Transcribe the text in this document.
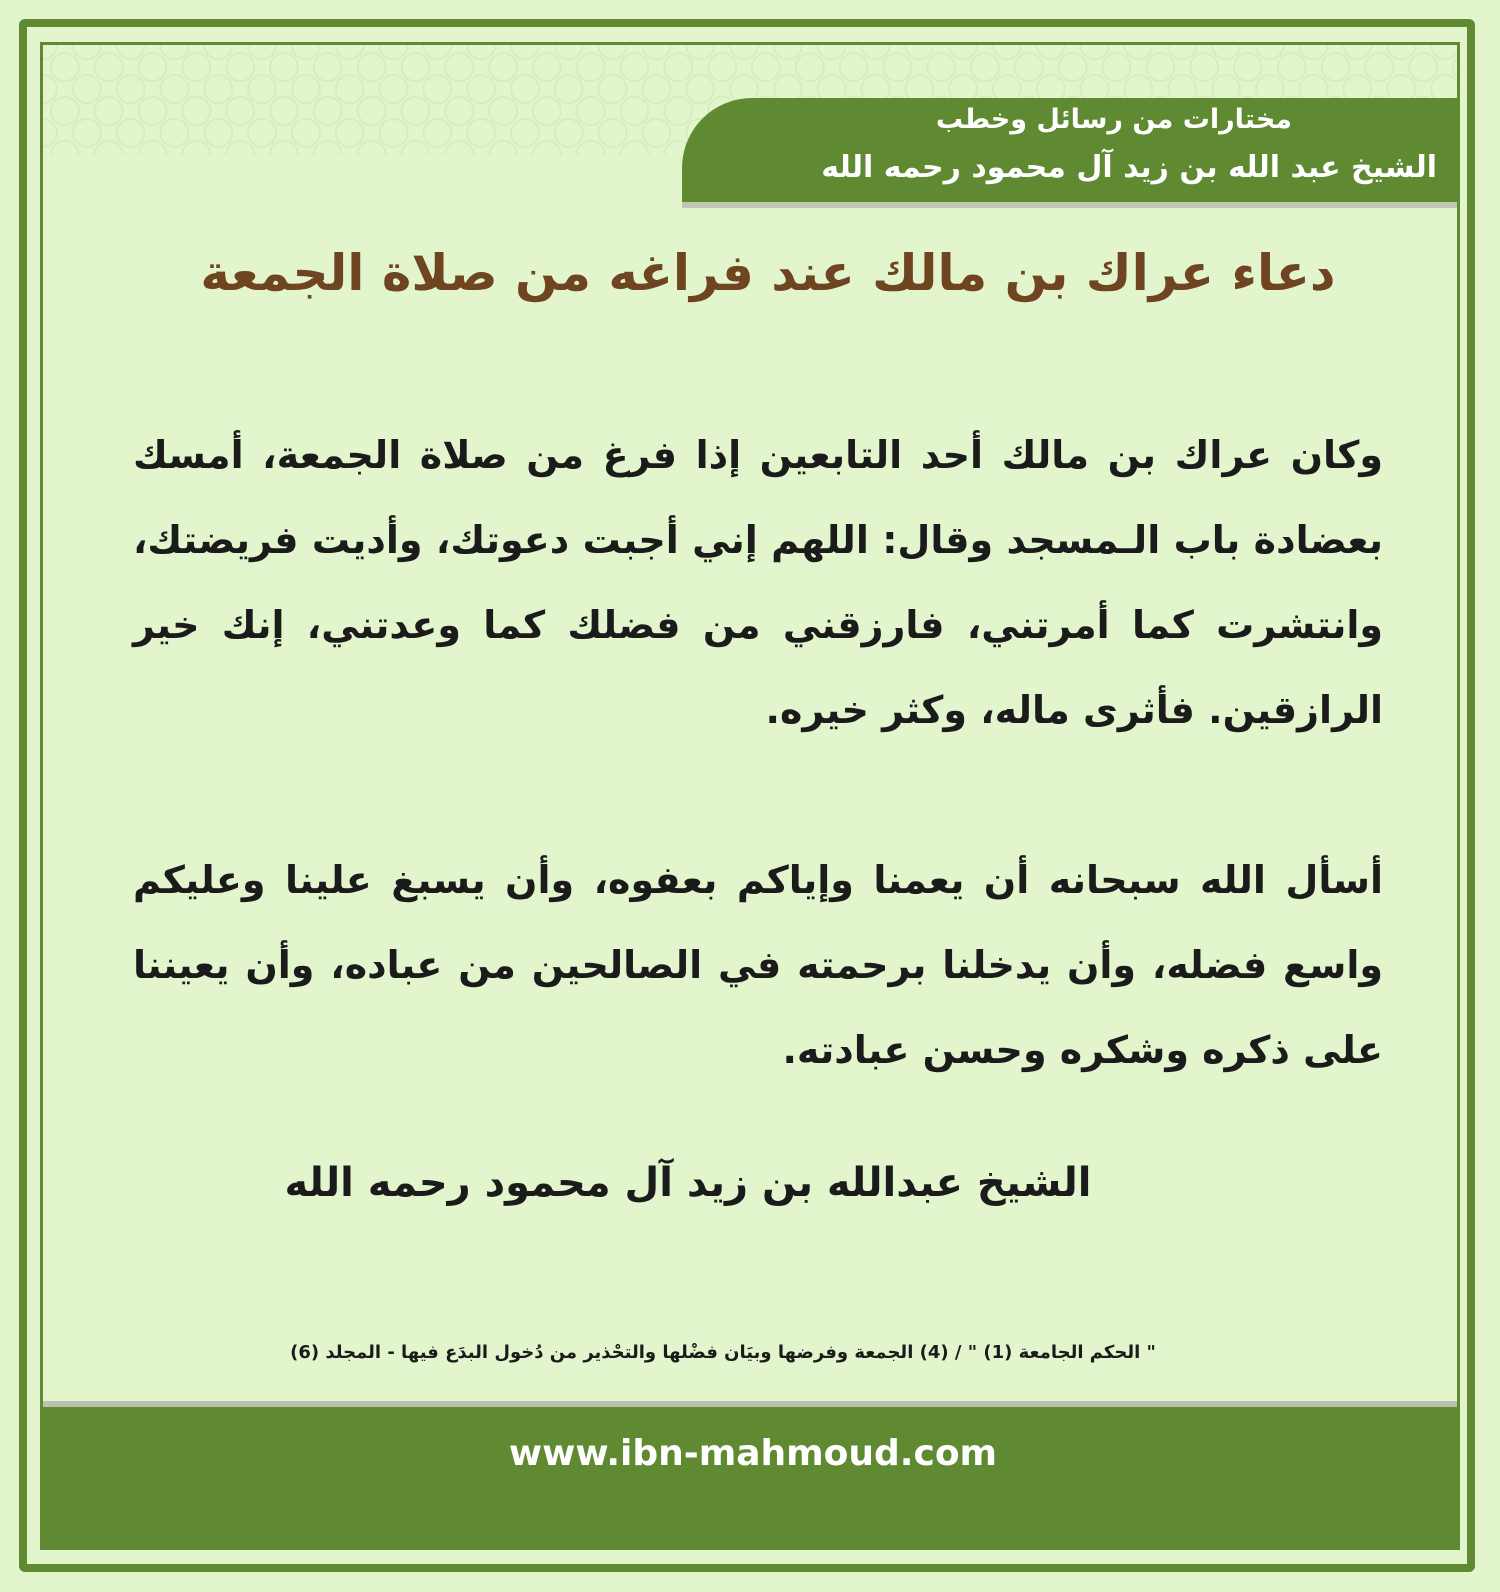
مختارات من رسائل وخطب
الشيخ عبد الله بن زيد آل محمود رحمه الله
دعاء عراك بن مالك عند فراغه من صلاة الجمعة

وكان عراك بن مالك أحد التابعين إذا فرغ من صلاة الجمعة، أمسك بعضادة باب الـمسجد وقال: اللهم إني أجبت دعوتك، وأديت فريضتك، وانتشرت كما أمرتني، فارزقني من فضلك كما وعدتني، إنك خير الرازقين. فأثرى ماله، وكثر خيره.

أسأل الله سبحانه أن يعمنا وإياكم بعفوه، وأن يسبغ علينا وعليكم واسع فضله، وأن يدخلنا برحمته في الصالحين من عباده، وأن يعيننا على ذكره وشكره وحسن عبادته.

الشيخ عبدالله بن زيد آل محمود رحمه الله
" الحكم الجامعة (1) " / (4) الجمعة وفرضها وبيَان فضْلها والتحْذير من دُخول البدَع فيها - المجلد (6)
www.ibn-mahmoud.com
